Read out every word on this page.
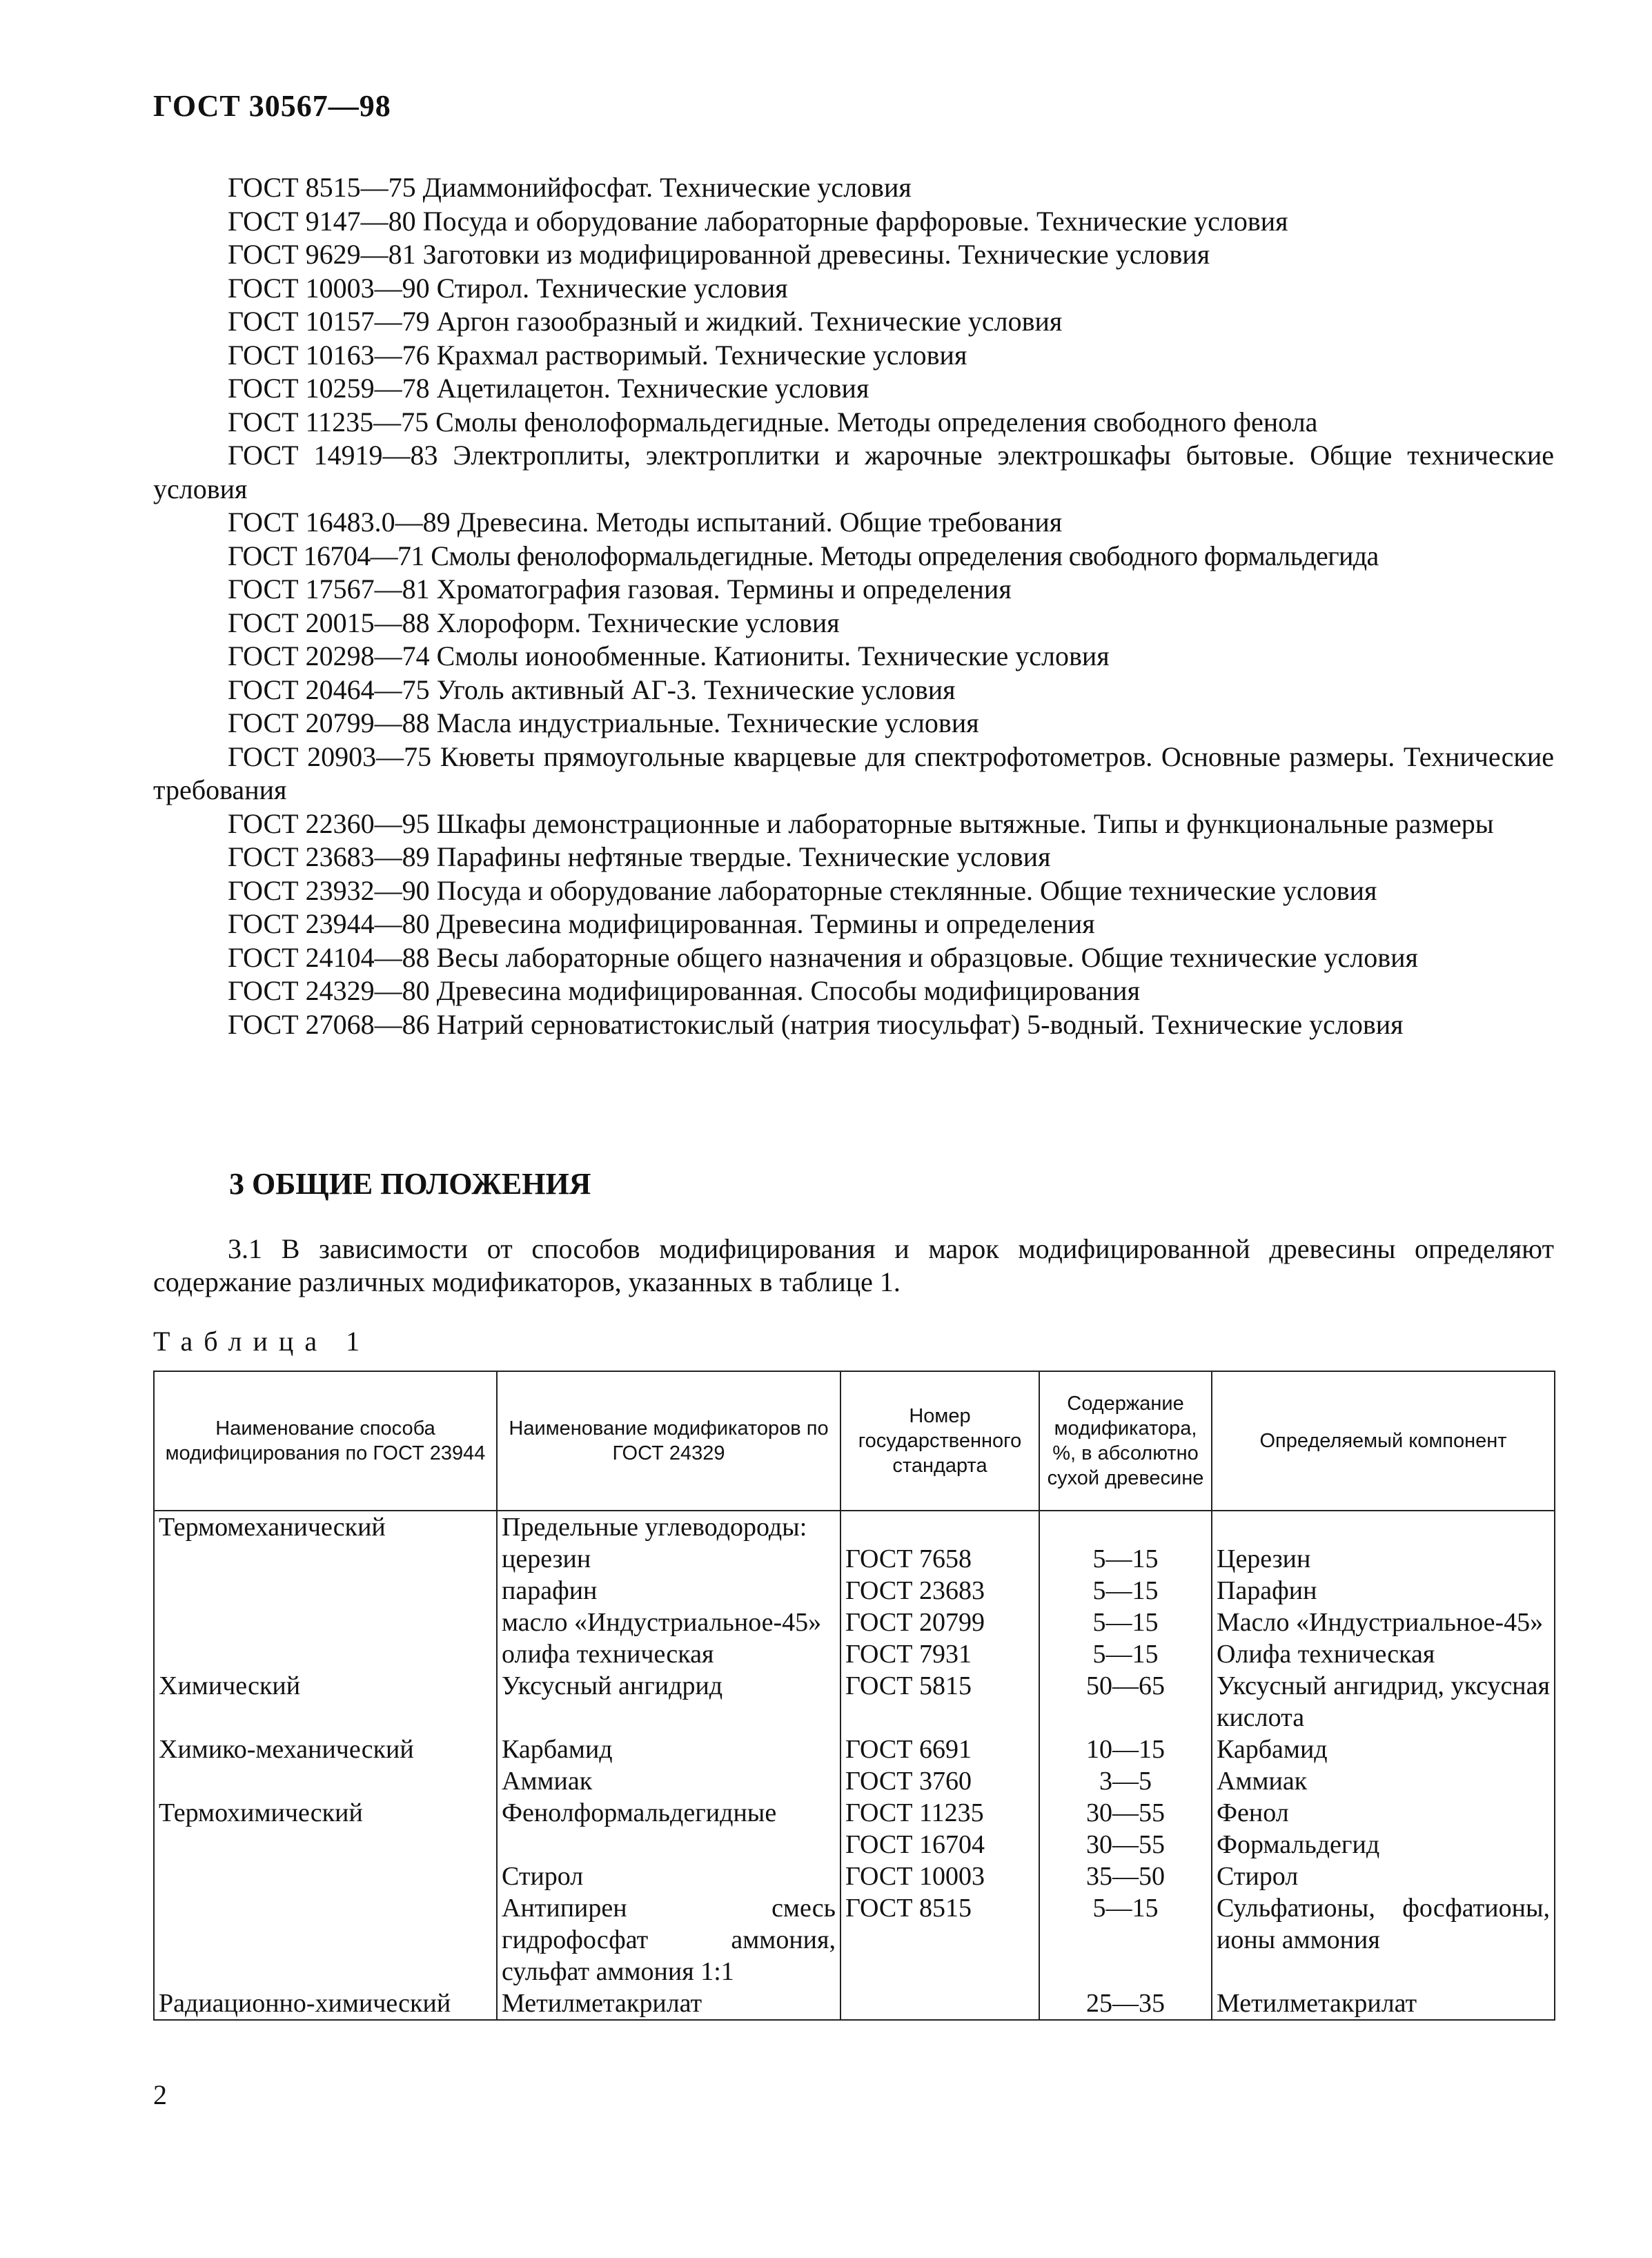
ГОСТ 30567—98
ГОСТ 8515—75 Диаммонийфосфат. Технические условия
ГОСТ 9147—80 Посуда и оборудование лабораторные фарфоровые. Технические условия
ГОСТ 9629—81 Заготовки из модифицированной древесины. Технические условия
ГОСТ 10003—90 Стирол. Технические условия
ГОСТ 10157—79 Аргон газообразный и жидкий. Технические условия
ГОСТ 10163—76 Крахмал растворимый. Технические условия
ГОСТ 10259—78 Ацетилацетон. Технические условия
ГОСТ 11235—75 Смолы фенолоформальдегидные. Методы определения свободного фенола
ГОСТ 14919—83 Электроплиты, электроплитки и жарочные электрошкафы бытовые. Общие технические условия
ГОСТ 16483.0—89 Древесина. Методы испытаний. Общие требования
ГОСТ 16704—71 Смолы фенолоформальдегидные. Методы определения свободного формальдегида
ГОСТ 17567—81 Хроматография газовая. Термины и определения
ГОСТ 20015—88 Хлороформ. Технические условия
ГОСТ 20298—74 Смолы ионообменные. Катиониты. Технические условия
ГОСТ 20464—75 Уголь активный АГ-3. Технические условия
ГОСТ 20799—88 Масла индустриальные. Технические условия
ГОСТ 20903—75 Кюветы прямоугольные кварцевые для спектрофотометров. Основные размеры. Технические требования
ГОСТ 22360—95 Шкафы демонстрационные и лабораторные вытяжные. Типы и функциональные размеры
ГОСТ 23683—89 Парафины нефтяные твердые. Технические условия
ГОСТ 23932—90 Посуда и оборудование лабораторные стеклянные. Общие технические условия
ГОСТ 23944—80 Древесина модифицированная. Термины и определения
ГОСТ 24104—88 Весы лабораторные общего назначения и образцовые. Общие технические условия
ГОСТ 24329—80 Древесина модифицированная. Способы модифицирования
ГОСТ 27068—86 Натрий серноватистокислый (натрия тиосульфат) 5-водный. Технические условия
3 ОБЩИЕ ПОЛОЖЕНИЯ
3.1 В зависимости от способов модифицирования и марок модифицированной древесины определяют содержание различных модификаторов, указанных в таблице 1.
Таблица 1
Наименование способа модифицирования по ГОСТ 23944	Наименование модификаторов по ГОСТ 24329	Номер государственного стандарта	Содержание модификатора, %, в абсолютно сухой древесине	Определяемый компонент
Термомеханический	Предельные углеводороды:			
	церезин	ГОСТ 7658	5—15	Церезин
	парафин	ГОСТ 23683	5—15	Парафин
	масло «Индустриальное-45»	ГОСТ 20799	5—15	Масло «Индустриальное-45»
	олифа техническая	ГОСТ 7931	5—15	Олифа техническая
Химический	Уксусный ангидрид	ГОСТ 5815	50—65	Уксусный ангидрид, уксусная кислота
Химико-механический	Карбамид	ГОСТ 6691	10—15	Карбамид
	Аммиак	ГОСТ 3760	3—5	Аммиак
Термохимический	Фенолформальдегидные	ГОСТ 11235	30—55	Фенол
		ГОСТ 16704	30—55	Формальдегид
	Стирол	ГОСТ 10003	35—50	Стирол
	Антипирен смесь гидрофосфат аммония, сульфат аммония 1:1	ГОСТ 8515	5—15	Сульфатионы, фосфатионы, ионы аммония
Радиационно-химический	Метилметакрилат		25—35	Метилметакрилат
2
